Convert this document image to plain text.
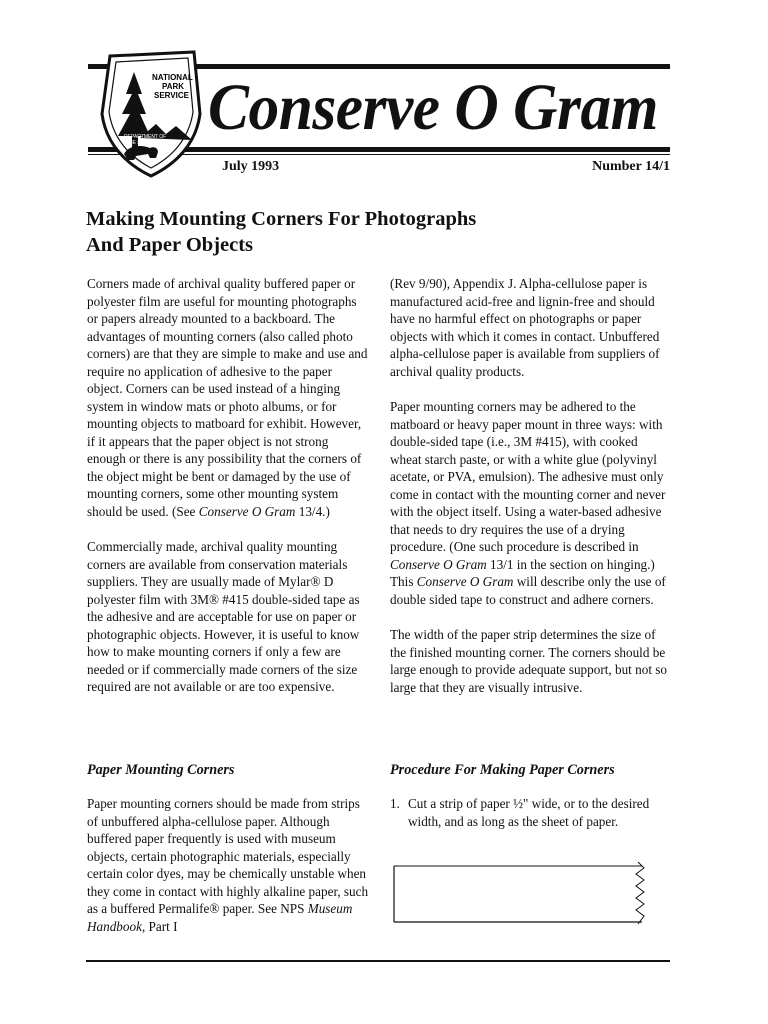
NATIONAL
PARK
SERVICE
DEPARTMENT OF
THE INTERIOR Conserve O Gram
July 1993	Number 14/1
Making Mounting Corners For Photographs
And Paper Objects

Corners made of archival quality buffered paper or polyester film are useful for mounting photographs or papers already mounted to a backboard. The advantages of mounting corners (also called photo corners) are that they are simple to make and use and require no application of adhesive to the paper object. Corners can be used instead of a hinging system in window mats or photo albums, or for mounting objects to matboard for exhibit. However, if it appears that the paper object is not strong enough or there is any possibility that the corners of the object might be bent or damaged by the use of mounting corners, some other mounting system should be used. (See Conserve O Gram 13/4.)

Commercially made, archival quality mounting corners are available from conservation materials suppliers. They are usually made of Mylar® D polyester film with 3M® #415 double-sided tape as the adhesive and are acceptable for use on paper or photographic objects. However, it is useful to know how to make mounting corners if only a few are needed or if commercially made corners of the size required are not available or are too expensive.

(Rev 9/90), Appendix J. Alpha-cellulose paper is manufactured acid-free and lignin-free and should have no harmful effect on photographs or paper objects with which it comes in contact. Unbuffered alpha-cellulose paper is available from suppliers of archival quality products.

Paper mounting corners may be adhered to the matboard or heavy paper mount in three ways: with double-sided tape (i.e., 3M #415), with cooked wheat starch paste, or with a white glue (polyvinyl acetate, or PVA, emulsion). The adhesive must only come in contact with the mounting corner and never with the object itself. Using a water-based adhesive that needs to dry requires the use of a drying procedure. (One such procedure is described in Conserve O Gram 13/1 in the section on hinging.) This Conserve O Gram will describe only the use of double sided tape to construct and adhere corners.

The width of the paper strip determines the size of the finished mounting corner. The corners should be large enough to provide adequate support, but not so large that they are visually intrusive.

Paper Mounting Corners	Procedure For Making Paper Corners

Paper mounting corners should be made from strips of unbuffered alpha-cellulose paper. Although buffered paper frequently is used with museum objects, certain photographic materials, especially certain color dyes, may be chemically unstable when they come in contact with highly alkaline paper, such as a buffered Permalife® paper. See NPS Museum Handbook, Part I

1. Cut a strip of paper ½" wide, or to the desired width, and as long as the sheet of paper.
